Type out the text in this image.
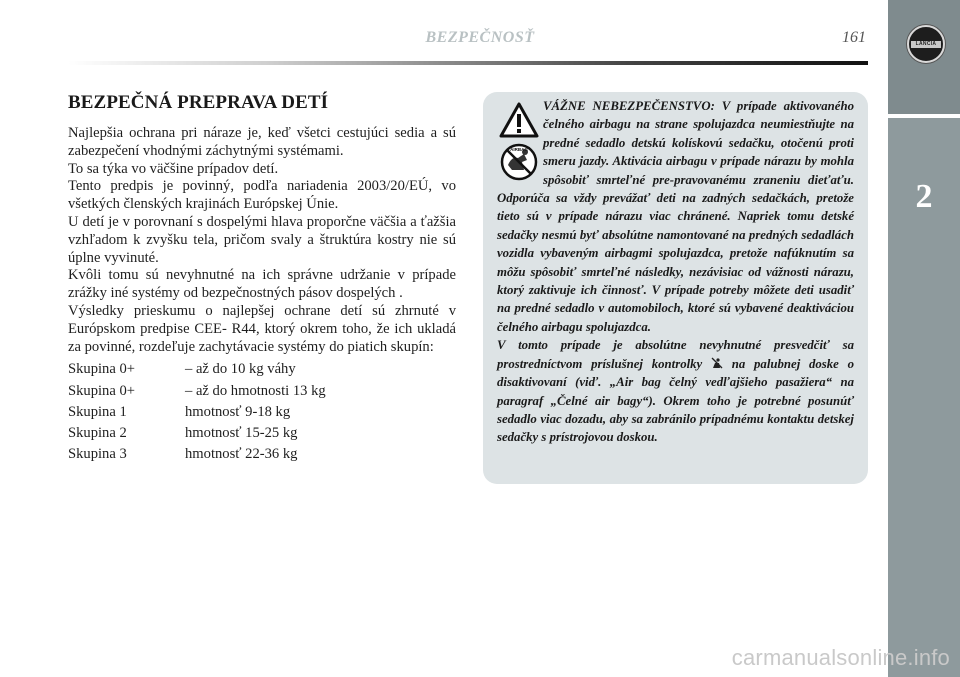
2
LANCIA
BEZPEČNOSŤ	161
BEZPEČNÁ PREPRAVA DETÍ

Najlepšia ochrana pri náraze je, keď všetci cestujúci sedia a sú zabezpečení vhodnými záchytnými systémami.

To sa týka vo väčšine prípadov detí.

Tento predpis je povinný, podľa nariadenia 2003/20/EÚ, vo všetkých členských krajinách Európskej Únie.

U detí je v porovnaní s dospelými hlava proporčne väčšia a ťažšia vzhľadom k zvyšku tela, pričom svaly a štruktúra kostry nie sú úplne vyvinuté.

Kvôli tomu sú nevyhnutné na ich správne udržanie v prípade zrážky iné systémy od bezpečnostných pásov dospelých .

Výsledky prieskumu o najlepšej ochrane detí sú zhrnuté v Európskom predpise CEE- R44, ktorý okrem toho, že ich ukladá za povinné, rozdeľuje zachytávacie systémy do piatich skupín:

Skupina 0+	– až do 10 kg váhy
Skupina 0+	– až do hmotnosti 13 kg
Skupina 1	hmotnosť 9-18 kg
Skupina 2	hmotnosť 15-25 kg
Skupina 3	hmotnosť 22-36 kg
AIRBAG

VÁŽNE NEBEZPEČENSTVO: V prípade aktivovaného čelného airbagu na strane spolujazdca neumiestňujte na predné sedadlo detskú kolískovú sedačku, otočenú proti smeru jazdy. Aktivácia airbagu v prípade nárazu by mohla spôsobiť smrteľné pre-pravovanému zraneniu dieťaťu. Odporúča sa vždy prevážať deti na zadných sedačkách, pretože tieto sú v prípade nárazu viac chránené. Napriek tomu detské sedačky nesmú byť absolútne namontované na predných sedadlách vozidla vybaveným airbagmi spolujazdca, pretože nafúknutím sa môžu spôsobiť smrteľné následky, nezávisiac od vážnosti nárazu, ktorý zaktivuje ich činnosť. V prípade potreby môžete deti usadiť na predné sedadlo v automobiloch, ktoré sú vybavené deaktiváciou čelného airbagu spolujazdca.

V tomto prípade je absolútne nevyhnutné presvedčiť sa prostredníctvom príslušnej kontrolky na palubnej doske o disaktivovaní (viď. „Air bag čelný vedľajšieho pasažiera“ na paragraf „Čelné air bagy“). Okrem toho je potrebné posunúť sedadlo viac dozadu, aby sa zabránilo prípadnému kontaktu detskej sedačky s prístrojovou doskou.

carmanualsonline.info
